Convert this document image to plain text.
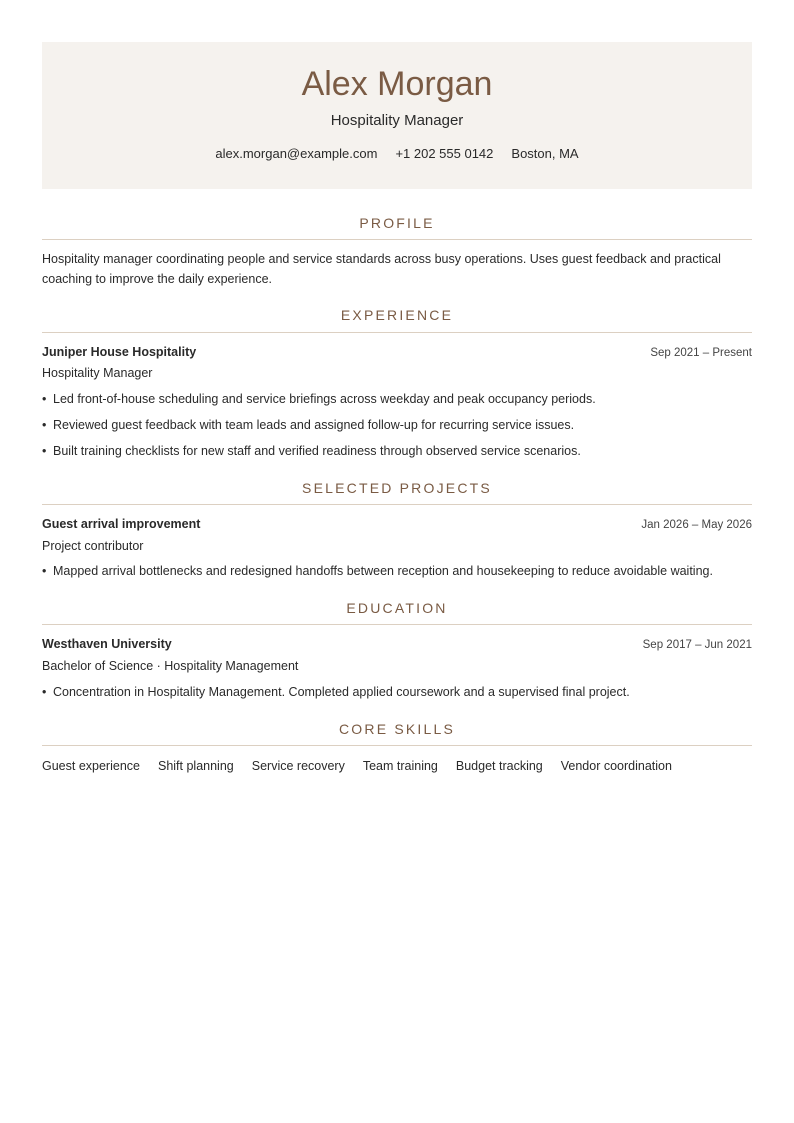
Alex Morgan
Hospitality Manager
alex.morgan@example.com +1 202 555 0142 Boston, MA
PROFILE
Hospitality manager coordinating people and service standards across busy operations. Uses guest feedback and practical
coaching to improve the daily experience.
EXPERIENCE
Juniper House Hospitality	Sep 2021 – Present
Hospitality Manager
• Led front-of-house scheduling and service briefings across weekday and peak occupancy periods.
• Reviewed guest feedback with team leads and assigned follow-up for recurring service issues.
• Built training checklists for new staff and verified readiness through observed service scenarios.
SELECTED PROJECTS
Guest arrival improvement	Jan 2026 – May 2026
Project contributor
• Mapped arrival bottlenecks and redesigned handoffs between reception and housekeeping to reduce avoidable waiting.
EDUCATION
Westhaven University	Sep 2017 – Jun 2021
Bachelor of Science · Hospitality Management
• Concentration in Hospitality Management. Completed applied coursework and a supervised final project.
CORE SKILLS
Guest experience Shift planning Service recovery Team training Budget tracking Vendor coordination
